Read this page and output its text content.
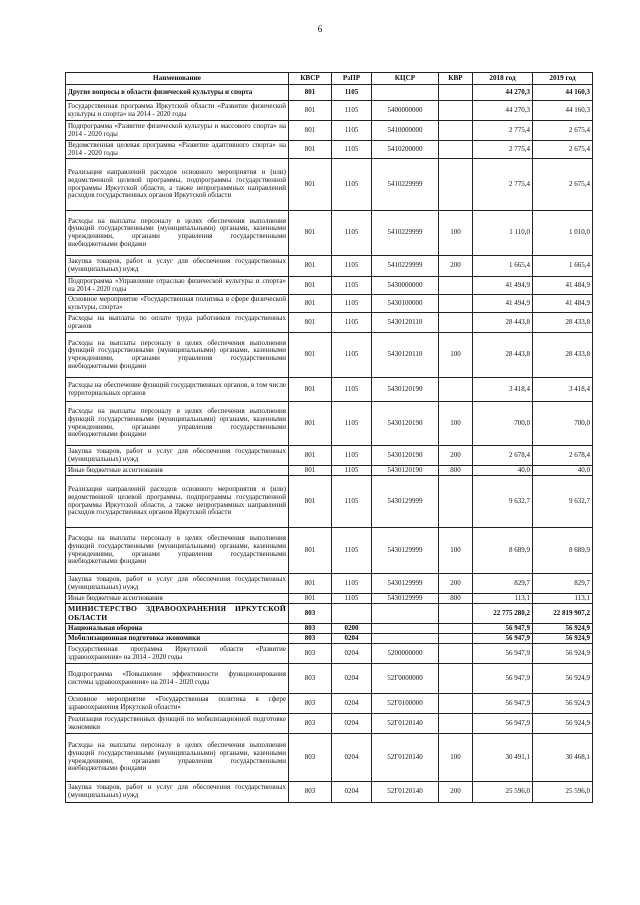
6
Наименование	КВСР	РзПР	КЦСР	КВР	2018 год	2019 год
Другие вопросы в области физической культуры и спорта	801	1105			44 270,3	44 160,3
Государственная программа Иркутской области «Развитие физической культуры и спорта» на 2014 - 2020 годы	801	1105	5400000000		44 270,3	44 160,3
Подпрограмма «Развитие физической культуры и массового спорта» на 2014 - 2020 годы	801	1105	5410000000		2 775,4	2 675,4
Ведомственная целевая программа «Развитие адаптивного спорта» на 2014 - 2020 годы	801	1105	5410200000		2 775,4	2 675,4
Реализация направлений расходов основного мероприятия и (или) ведомственной целевой программы, подпрограммы государственной программы Иркутской области, а также непрограммных направлений расходов государственных органов Иркутской области	801	1105	5410229999		2 775,4	2 675,4
Расходы на выплаты персоналу в целях обеспечения выполнения функций государственными (муниципальными) органами, казенными учреждениями, органами управления государственными внебюджетными фондами	801	1105	5410229999	100	1 110,0	1 010,0
Закупка товаров, работ и услуг для обеспечения государственных (муниципальных) нужд	801	1105	5410229999	200	1 665,4	1 665,4
Подпрограмма «Управление отраслью физической культуры и спорта» на 2014 - 2020 годы	801	1105	5430000000		41 494,9	41 484,9
Основное мероприятие «Государственная политика в сфере физической культуры, спорта»	801	1105	5430100000		41 494,9	41 484,9
Расходы на выплаты по оплате труда работников государственных органов	801	1105	5430120110		28 443,8	28 433,8
Расходы на выплаты персоналу в целях обеспечения выполнения функций государственными (муниципальными) органами, казенными учреждениями, органами управления государственными внебюджетными фондами	801	1105	5430120110	100	28 443,8	28 433,8
Расходы на обеспечение функций государственных органов, в том числе территориальных органов	801	1105	5430120190		3 418,4	3 418,4
Расходы на выплаты персоналу в целях обеспечения выполнения функций государственными (муниципальными) органами, казенными учреждениями, органами управления государственными внебюджетными фондами	801	1105	5430120190	100	700,0	700,0
Закупка товаров, работ и услуг для обеспечения государственных (муниципальных) нужд	801	1105	5430120190	200	2 678,4	2 678,4
Иные бюджетные ассигнования	801	1105	5430120190	800	40,0	40,0
Реализация направлений расходов основного мероприятия и (или) ведомственной целевой программы, подпрограммы государственной программы Иркутской области, а также непрограммных направлений расходов государственных органов Иркутской области	801	1105	5430129999		9 632,7	9 632,7
Расходы на выплаты персоналу в целях обеспечения выполнения функций государственными (муниципальными) органами, казенными учреждениями, органами управления государственными внебюджетными фондами	801	1105	5430129999	100	8 689,9	8 689,9
Закупка товаров, работ и услуг для обеспечения государственных (муниципальных) нужд	801	1105	5430129999	200	829,7	829,7
Иные бюджетные ассигнования	801	1105	5430129999	800	113,1	113,1
МИНИСТЕРСТВО ЗДРАВООХРАНЕНИЯ ИРКУТСКОЙ ОБЛАСТИ	803				22 775 280,2	22 819 907,2
Национальная оборона	803	0200			56 947,9	56 924,9
Мобилизационная подготовка экономики	803	0204			56 947,9	56 924,9
Государственная программа Иркутской области «Развитие здравоохранения» на 2014 - 2020 годы	803	0204	5200000000		56 947,9	56 924,9
Подпрограмма «Повышение эффективности функционирования системы здравоохранения» на 2014 - 2020 годы	803	0204	52Г0000000		56 947,9	56 924,9
Основное мероприятие «Государственная политика в сфере здравоохранения Иркутской области»	803	0204	52Г0100000		56 947,9	56 924,9
Реализация государственных функций по мобилизационной подготовке экономики	803	0204	52Г0120140		56 947,9	56 924,9
Расходы на выплаты персоналу в целях обеспечения выполнения функций государственными (муниципальными) органами, казенными учреждениями, органами управления государственными внебюджетными фондами	803	0204	52Г0120140	100	30 491,1	30 468,1
Закупка товаров, работ и услуг для обеспечения государственных (муниципальных) нужд	803	0204	52Г0120140	200	25 596,0	25 596,0
